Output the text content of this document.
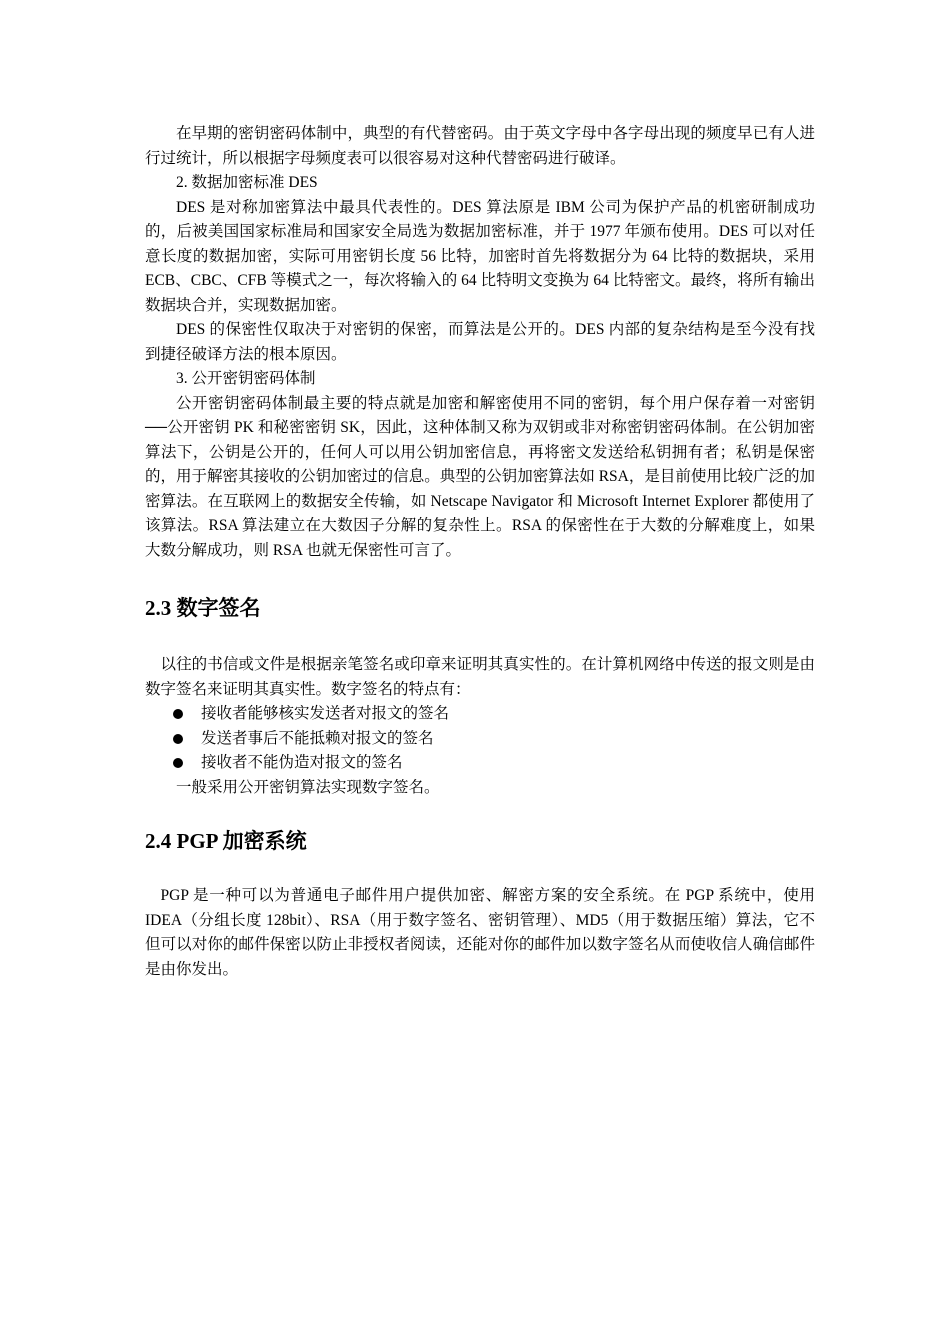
在早期的密钥密码体制中，典型的有代替密码。由于英文字母中各字母出现的频度早已有人进行过统计，所以根据字母频度表可以很容易对这种代替密码进行破译。

2. 数据加密标准 DES

DES 是对称加密算法中最具代表性的。DES 算法原是 IBM 公司为保护产品的机密研制成功的，后被美国国家标准局和国家安全局选为数据加密标准，并于 1977 年颁布使用。DES 可以对任意长度的数据加密，实际可用密钥长度 56 比特，加密时首先将数据分为 64 比特的数据块，采用 ECB、CBC、CFB 等模式之一，每次将输入的 64 比特明文变换为 64 比特密文。最终，将所有输出数据块合并，实现数据加密。

DES 的保密性仅取决于对密钥的保密，而算法是公开的。DES 内部的复杂结构是至今没有找到捷径破译方法的根本原因。

3. 公开密钥密码体制

公开密钥密码体制最主要的特点就是加密和解密使用不同的密钥，每个用户保存着一对密钥──公开密钥 PK 和秘密密钥 SK，因此，这种体制又称为双钥或非对称密钥密码体制。在公钥加密算法下，公钥是公开的，任何人可以用公钥加密信息，再将密文发送给私钥拥有者；私钥是保密的，用于解密其接收的公钥加密过的信息。典型的公钥加密算法如 RSA，是目前使用比较广泛的加密算法。在互联网上的数据安全传输，如 Netscape Navigator 和 Microsoft Internet Explorer 都使用了该算法。RSA 算法建立在大数因子分解的复杂性上。RSA 的保密性在于大数的分解难度上，如果大数分解成功，则 RSA 也就无保密性可言了。

2.3 数字签名

以往的书信或文件是根据亲笔签名或印章来证明其真实性的。在计算机网络中传送的报文则是由数字签名来证明其真实性。数字签名的特点有：

接收者能够核实发送者对报文的签名
发送者事后不能抵赖对报文的签名
接收者不能伪造对报文的签名

一般采用公开密钥算法实现数字签名。

2.4 PGP 加密系统

PGP 是一种可以为普通电子邮件用户提供加密、解密方案的安全系统。在 PGP 系统中，使用 IDEA（分组长度 128bit）、RSA（用于数字签名、密钥管理）、MD5（用于数据压缩）算法，它不但可以对你的邮件保密以防止非授权者阅读，还能对你的邮件加以数字签名从而使收信人确信邮件是由你发出。
